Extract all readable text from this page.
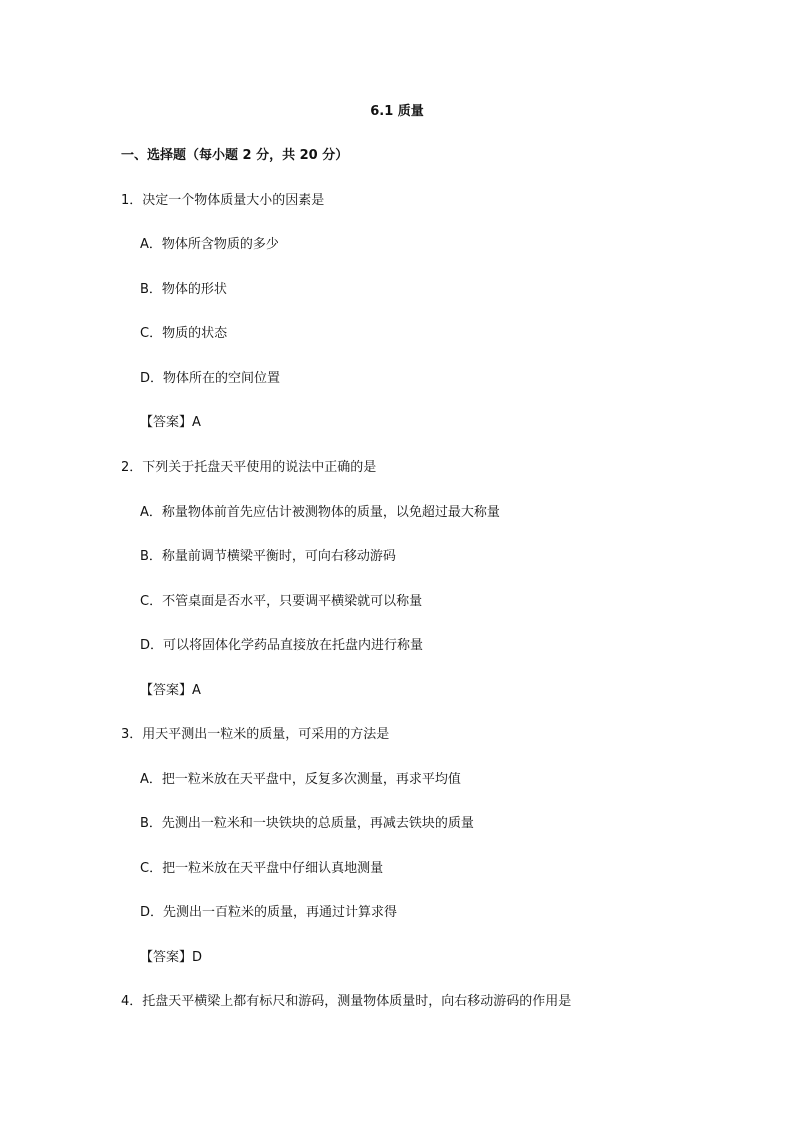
6.1 质量
一、选择题（每小题 2 分，共 20 分）
1．决定一个物体质量大小的因素是
A．物体所含物质的多少
B．物体的形状
C．物质的状态
D．物体所在的空间位置
【答案】A
2．下列关于托盘天平使用的说法中正确的是
A．称量物体前首先应估计被测物体的质量，以免超过最大称量
B．称量前调节横梁平衡时，可向右移动游码
C．不管桌面是否水平，只要调平横梁就可以称量
D．可以将固体化学药品直接放在托盘内进行称量
【答案】A
3．用天平测出一粒米的质量，可采用的方法是
A．把一粒米放在天平盘中，反复多次测量，再求平均值
B．先测出一粒米和一块铁块的总质量，再减去铁块的质量
C．把一粒米放在天平盘中仔细认真地测量
D．先测出一百粒米的质量，再通过计算求得
【答案】D
4．托盘天平横梁上都有标尺和游码，测量物体质量时，向右移动游码的作用是
